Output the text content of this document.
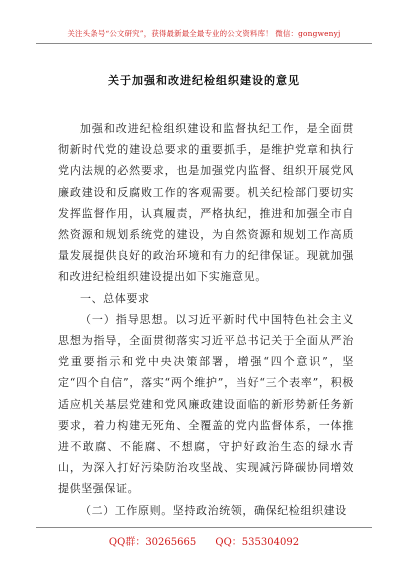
关注头条号“公文研究”，获得最新最全最专业的公文资料库！ 微信：gongwenyj
关于加强和改进纪检组织建设的意见

加强和改进纪检组织建设和监督执纪工作，是全面贯彻新时代党的建设总要求的重要抓手，是维护党章和执行党内法规的必然要求，也是加强党内监督、组织开展党风廉政建设和反腐败工作的客观需要。机关纪检部门要切实发挥监督作用，认真履责，严格执纪，推进和加强全市自然资源和规划系统党的建设，为自然资源和规划工作高质量发展提供良好的政治环境和有力的纪律保证。现就加强和改进纪检组织建设提出如下实施意见。

一、总体要求

（一）指导思想。以习近平新时代中国特色社会主义思想为指导，全面贯彻落实习近平总书记关于全面从严治党重要指示和党中央决策部署，增强“四个意识”，坚定“四个自信”，落实“两个维护”，当好“三个表率”，积极适应机关基层党建和党风廉政建设面临的新形势新任务新要求，着力构建无死角、全覆盖的党内监督体系，一体推进不敢腐、不能腐、不想腐，守护好政治生态的绿水青山，为深入打好污染防治攻坚战、实现减污降碳协同增效提供坚强保证。

（二）工作原则。坚持政治统领，确保纪检组织建设

QQ群：30265665 QQ：535304092
